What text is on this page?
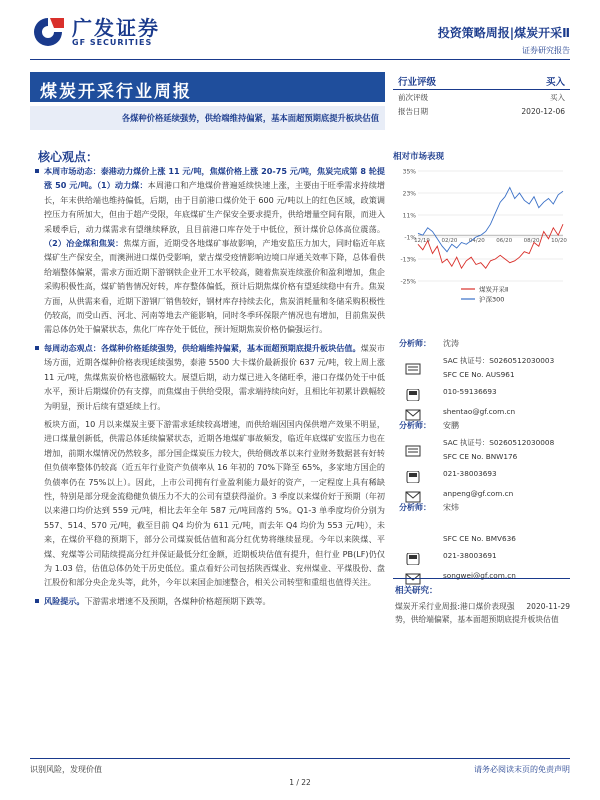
广发证券
GF SECURITIES
投资策略周报|煤炭开采Ⅱ
证券研究报告
煤炭开采行业周报
各煤种价格延续强势，供给端维持偏紧，基本面超预期底提升板块估值
行业评级	买入
前次评级	买入
报告日期	2020-12-06
核心观点：

本周市场动态：泰港动力煤价上涨 11 元/吨，焦煤价格上涨 20-75 元/吨，焦炭完成第 8 轮提涨 50 元/吨。（1）动力煤：本周港口和产地煤价普遍延续快速上涨，主要由于旺季需求持续增长，年末供给端也维持偏低，后期，由于目前港口煤价处于 600 元/吨以上的红色区域，政策调控压力有所加大，但由于超产受限，年底煤矿生产保安全要求提升，供给增量空间有限，而进入采暖季后，动力煤需求有望继续释放，且目前港口库存处于中低位，预计煤价总体高位震荡。（2）冶金煤和焦炭：焦煤方面，近期受各地煤矿事故影响，产地安监压力加大，同时临近年底煤矿生产保安全，而澳洲进口煤仍受影响，蒙古煤受疫情影响边境口岸通关效率下降，总体看供给端整体偏紧，需求方面近期下游钢铁企业开工水平较高，随着焦炭连续涨价和盈利增加，焦企采购积极性高，煤矿销售情况好转，库存整体偏低，预计后期焦煤价格有望延续稳中有升。焦炭方面，从供需来看，近期下游钢厂销售较好，钢材库存持续去化，焦炭消耗量和冬储采购积极性仍较高，而受山西、河北、河南等地去产能影响，同时冬季环保限产情况也有增加，目前焦炭供需总体仍处于偏紧状态，焦化厂库存处于低位，预计短期焦炭价格仍偏强运行。

每周动态观点：各煤种价格延续强势，供给端维持偏紧，基本面超预期底提升板块估值。煤炭市场方面，近期各煤种价格表现延续强势，泰港 5500 大卡煤价最新报价 637 元/吨，较上周上涨 11 元/吨，焦煤焦炭价格也涨幅较大。展望后期，动力煤已进入冬储旺季，港口存煤仍处于中低水平，预计后期煤价仍有支撑，而焦煤由于供给受限，需求端持续向好，且相比年初累计跌幅较为明显，预计后续有望延续上行。

板块方面，10 月以来煤炭主要下游需求延续较高增速，而供给端因国内保供增产效果不明显，进口煤量创新低，供需总体延续偏紧状态，近期各地煤矿事故频发，临近年底煤矿安监压力也在增加，前期水煤情况仍然较多，部分国企煤炭压力较大，供给侧改革以来行业财务数据甚有好转但负债率整体仍较高（近五年行业资产负债率从 16 年初的 70%下降至 65%，多家地方国企的负债率仍在 75%以上）。因此，上市公司拥有行业盈利能力最好的资产，一定程度上具有稀缺性，特别是部分现金流稳健负债压力不大的公司有望获得溢价。3 季度以来煤价好于预期（年初以来港口均价达到 559 元/吨，相比去年全年 587 元/吨回落约 5%。Q1-3 单季度均价分别为 557、514、570 元/吨，截至目前 Q4 均价为 611 元/吨，而去年 Q4 均价为 553 元/吨），未来，在煤价平稳的预期下，部分公司煤炭低估值和高分红优势将继续显现。今年以来陕煤、平煤、兖煤等公司陆续提高分红并保证最低分红金额，近期板块估值有提升，但行业 PB(LF)仍仅为 1.03 倍，估值总体仍处于历史低位。重点看好公司包括陕西煤业、兖州煤业、平煤股份、盘江股份和部分央企龙头等，此外，今年以来国企加速整合，相关公司转型和重组也值得关注。

风险提示。下游需求增速不及预期，各煤种价格超预期下跌等。

相对市场表现
35%
23%
11%
-1%
-13%
-25%
12/19 02/20 04/20 06/20 08/20 10/20
煤炭开采Ⅱ
沪深300
分析师： 沈涛
SAC 执证号：S0260512030003
SFC CE No. AUS961
010-59136693
shentao@gf.com.cn
分析师： 安鹏
SAC 执证号：S0260512030008
SFC CE No. BNW176
021-38003693
anpeng@gf.com.cn
分析师： 宋炜
SFC CE No. BMV636
021-38003691
songwei@gf.com.cn
相关研究：
2020-11-29
煤炭开采行业周报:港口煤价表现强势，供给端偏紧，基本面超预期底提升板块估值
识别风险，发现价值	请务必阅读末页的免责声明
1 / 22
